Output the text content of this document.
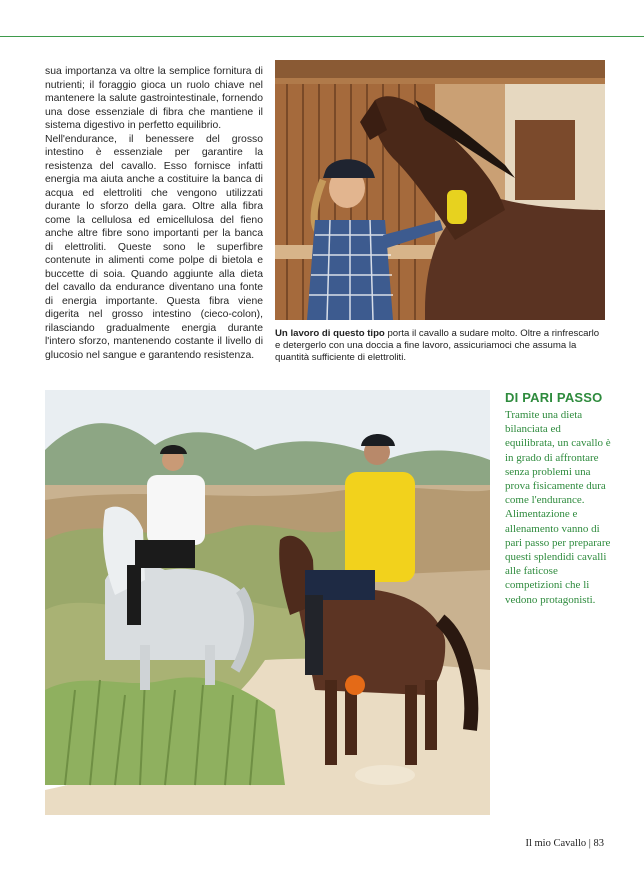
sua importanza va oltre la semplice fornitura di nutrienti; il foraggio gioca un ruolo chiave nel mantenere la salute gastrointestinale, fornendo una dose essenziale di fibra che mantiene il sistema digestivo in perfetto equilibrio.

Nell'endurance, il benessere del grosso intestino è essenziale per garantire la resistenza del cavallo. Esso fornisce infatti energia ma aiuta anche a costituire la banca di acqua ed elettroliti che vengono utilizzati durante lo sforzo della gara. Oltre alla fibra come la cellulosa ed emicellulosa del fieno anche altre fibre sono importanti per la banca di elettroliti. Queste sono le superfibre contenute in alimenti come polpe di bietola e buccette di soia. Quando aggiunte alla dieta del cavallo da endurance diventano una fonte di energia importante. Questa fibra viene digerita nel grosso intestino (cieco-colon), rilasciando gradualmente energia durante l'intero sforzo, mantenendo costante il livello di glucosio nel sangue e garantendo resistenza.

Un lavoro di questo tipo porta il cavallo a sudare molto. Oltre a rinfrescarlo e detergerlo con una doccia a fine lavoro, assicuriamoci che assuma la quantità sufficiente di elettroliti.
DI PARI PASSO
Tramite una dieta bilanciata ed equilibrata, un cavallo è in grado di affrontare senza problemi una prova fisicamente dura come l'endurance. Alimentazione e allenamento vanno di pari passo per preparare questi splendidi cavalli alle faticose competizioni che li vedono protagonisti.
Il mio Cavallo | 83
